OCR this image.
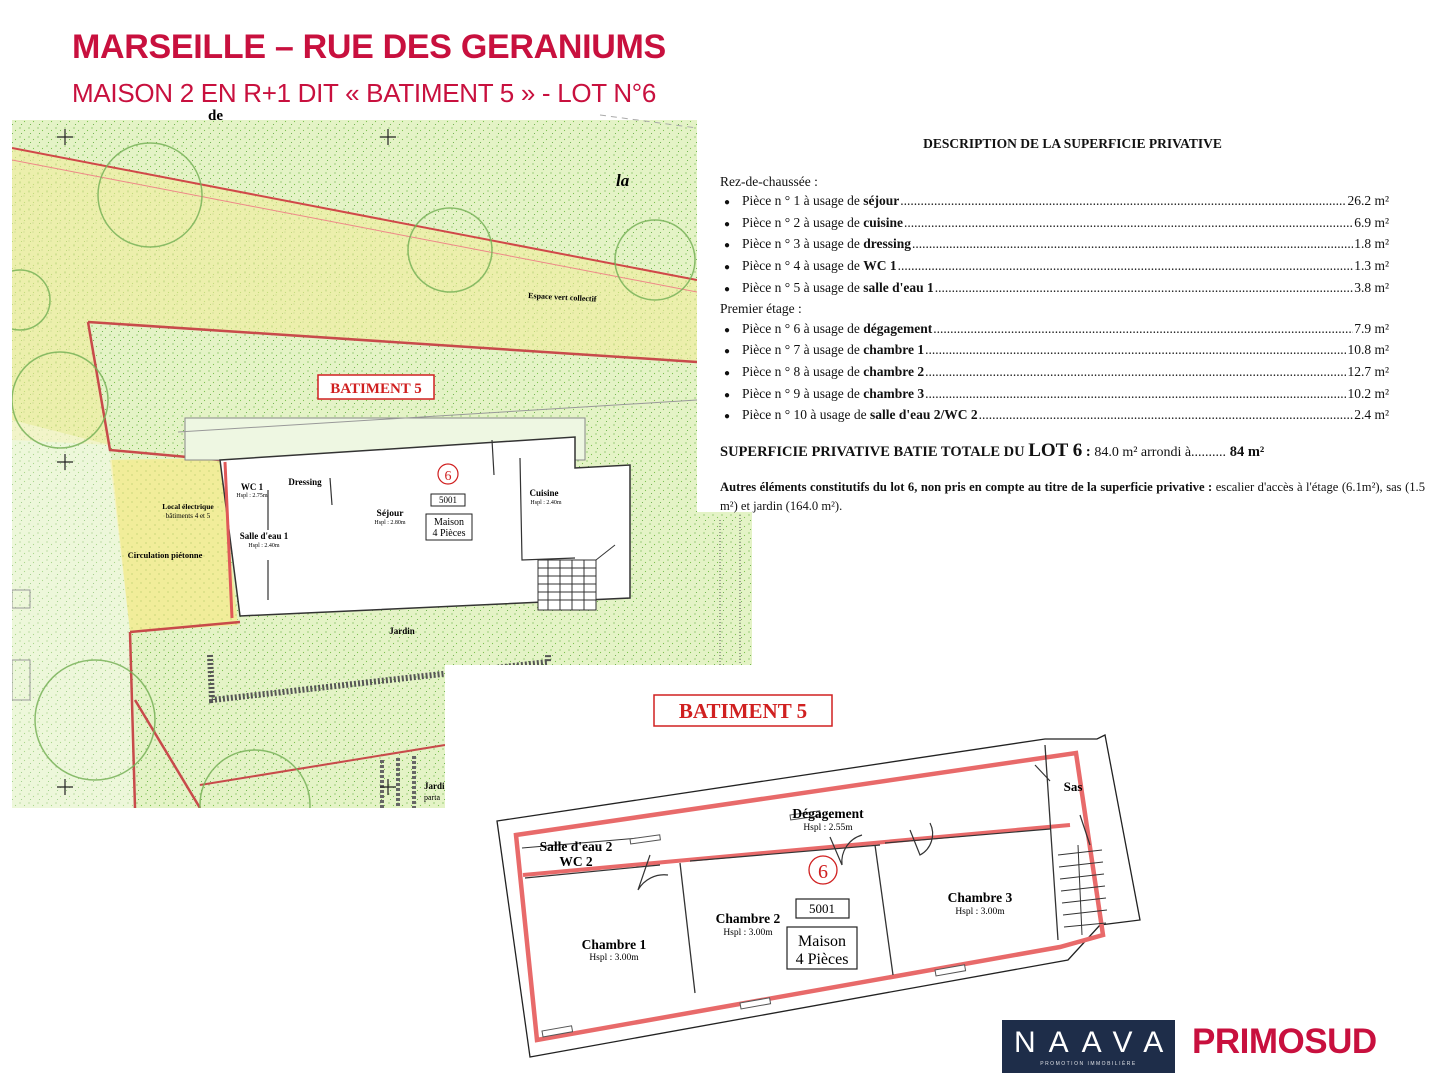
MARSEILLE – RUE DES GERANIUMS
MAISON 2 EN R+1 DIT « BATIMENT 5 » - LOT N°6
de
la
Espace vert collectif
BATIMENT 5
Local électrique
bâtiments 4 et 5
Circulation piétonne
Jardin
Jardi
parta
WC 1
Hspl : 2.75m
Dressing
Séjour
Hspl : 2.80m
Cuisine
Hspl : 2.40m
Salle d'eau 1
Hspl : 2.40m
6
5001
Maison
4 Pièces
BATIMENT 5
Sas
Dégagement
Hspl : 2.55m
Salle d'eau 2
WC 2
Chambre 1
Hspl : 3.00m
Chambre 2
Hspl : 3.00m
Chambre 3
Hspl : 3.00m
6
5001
Maison
4 Pièces
DESCRIPTION DE LA SUPERFICIE PRIVATIVE
Rez-de-chaussée :
● Pièce n ° 1 à usage de séjour .....	26.2 m²
● Pièce n ° 2 à usage de cuisine .....	6.9 m²
● Pièce n ° 3 à usage de dressing .....	1.8 m²
● Pièce n ° 4 à usage de WC 1 .....	1.3 m²
● Pièce n ° 5 à usage de salle d'eau 1 .....	3.8 m²
Premier étage :
● Pièce n ° 6 à usage de dégagement .....	7.9 m²
● Pièce n ° 7 à usage de chambre 1 .....	10.8 m²
● Pièce n ° 8 à usage de chambre 2 .....	12.7 m²
● Pièce n ° 9 à usage de chambre 3 .....	10.2 m²
● Pièce n ° 10 à usage de salle d'eau 2/WC 2 .....	2.4 m²
SUPERFICIE PRIVATIVE BATIE TOTALE DU LOT 6 : 84.0 m² arrondi à.......... 84 m²
Autres éléments constitutifs du lot 6, non pris en compte au titre de la superficie privative : escalier d'accès à l'étage (6.1m²), sas (1.5 m²) et jardin (164.0 m²).
NAAVA
PROMOTION IMMOBILIÈRE
PRIMOSUD
